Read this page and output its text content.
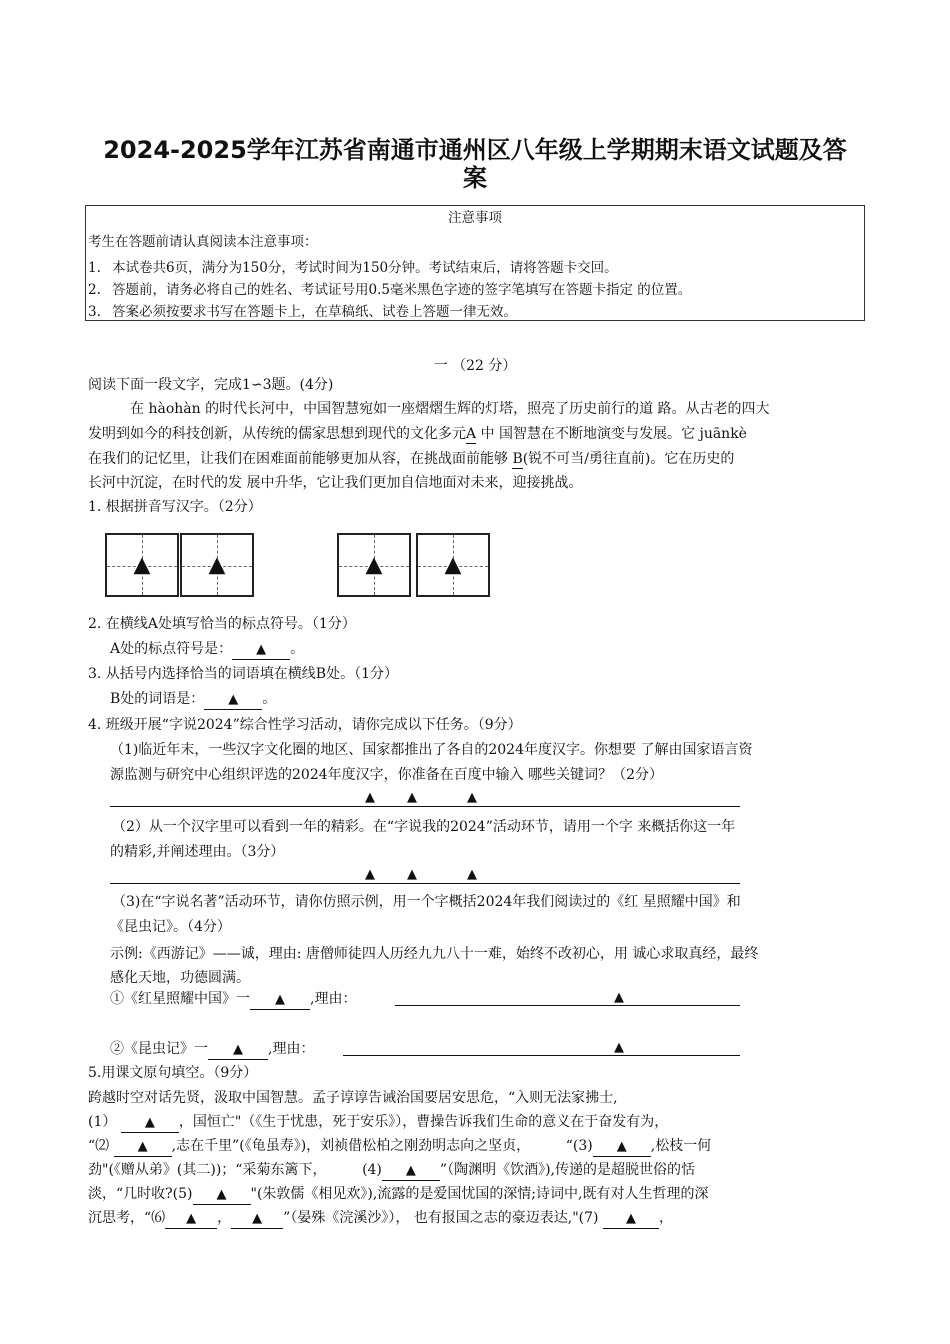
2024-2025学年江苏省南通市通州区八年级上学期期末语文试题及答
案
注意事项
考生在答题前请认真阅读本注意事项：
1. 本试卷共6页，满分为150分，考试时间为150分钟。考试结束后，请将答题卡交回。
2. 答题前，请务必将自己的姓名、考试证号用0.5毫米黑色字迹的签字笔填写在答题卡指定 的位置。
3. 答案必须按要求书写在答题卡上，在草稿纸、试卷上答题一律无效。
一 （22 分）
阅读下面一段文字，完成1∽3题。(4分)
在 hàohàn 的时代长河中，中国智慧宛如一座熠熠生辉的灯塔，照亮了历史前行的道 路。从古老的四大
发明到如今的科技创新，从传统的儒家思想到现代的文化多元A 中 国智慧在不断地演变与发展。它 juānkè
在我们的记忆里，让我们在困难面前能够更加从容，在挑战面前能够 B(锐不可当/勇往直前)。它在历史的
长河中沉淀，在时代的发 展中升华，它让我们更加自信地面对未来，迎接挑战。
1. 根据拼音写汉字。（2分）
▲	▲	▲	▲
2. 在横线A处填写恰当的标点符号。（1分）
A处的标点符号是： ▲ 。
3. 从括号内选择恰当的词语填在横线B处。（1分）
B处的词语是： ▲ 。
4. 班级开展“字说2024”综合性学习活动，请你完成以下任务。（9分）
（1)临近年末，一些汉字文化圈的地区、国家都推出了各自的2024年度汉字。你想要 了解由国家语言资
源监测与研究中心组织评选的2024年度汉字，你准备在百度中输入 哪些关键词？（2分）
▲ ▲	▲
（2）从一个汉字里可以看到一年的精彩。在“字说我的2024”活动环节，请用一个字 来概括你这一年
的精彩,并阐述理由。（3分）
▲ ▲	▲
（3)在“字说名著”活动环节，请你仿照示例，用一个字概括2024年我们阅读过的《红 星照耀中国》和
《昆虫记》。（4分）
示例:《西游记》——诚，理由: 唐僧师徒四人历经九九八十一难，始终不改初心，用 诚心求取真经，最终
感化天地，功德圆满。
①《红星照耀中国》一 ▲ ,理由：	▲
②《昆虫记》一 ▲ ,理由：	▲
5.用课文原句填空。（9分）
跨越时空对话先贤，汲取中国智慧。孟子谆谆告诫治国要居安思危，“入则无法家拂士,
(1） ▲ ，国恒亡"（《生于忧患，死于安乐》），曹操告诉我们生命的意义在于奋发有为，
“⑵ ▲ ,志在千里”(《龟虽寿》)，刘祯借松柏之刚劲明志向之坚贞，	“(3) ▲ ,松枝一何
劲"(《赠从弟》(其二))；“采菊东篱下，	(4) ▲ ”（陶渊明《饮酒》),传递的是超脱世俗的恬
淡，“几时收?(5) ▲ "(朱敦儒《相见欢》),流露的是爱国忧国的深情;诗词中,既有对人生哲理的深
沉思考，“⑹ ▲ ， ▲ ”（晏殊《浣溪沙》）， 也有报国之志的豪迈表达,"(7) ▲ ，
